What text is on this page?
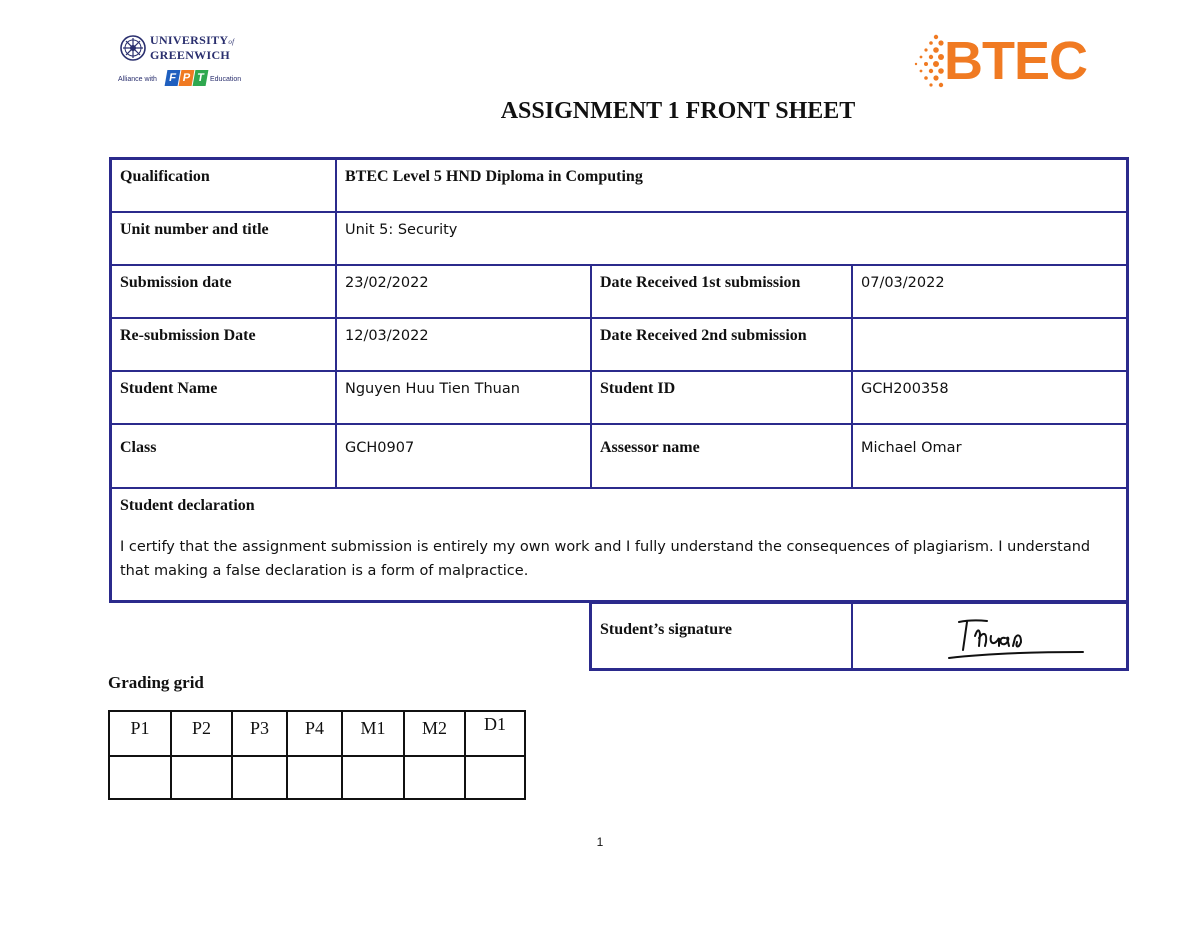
UNIVERSITYof
GREENWICH
Alliance with	F P T Education	BTEC
ASSIGNMENT 1 FRONT SHEET
Qualification	BTEC Level 5 HND Diploma in Computing
Unit number and title	Unit 5: Security
Submission date	23/02/2022	Date Received 1st submission	07/03/2022
Re-submission Date	12/03/2022	Date Received 2nd submission
Student Name	Nguyen Huu Tien Thuan	Student ID	GCH200358
Class	GCH0907	Assessor name	Michael Omar
Student declaration
I certify that the assignment submission is entirely my own work and I fully understand the consequences of plagiarism. I understand that making a false declaration is a form of malpractice.
Student’s signature
Grading grid
P1	P2	P3	P4	M1	M2	D1
1
